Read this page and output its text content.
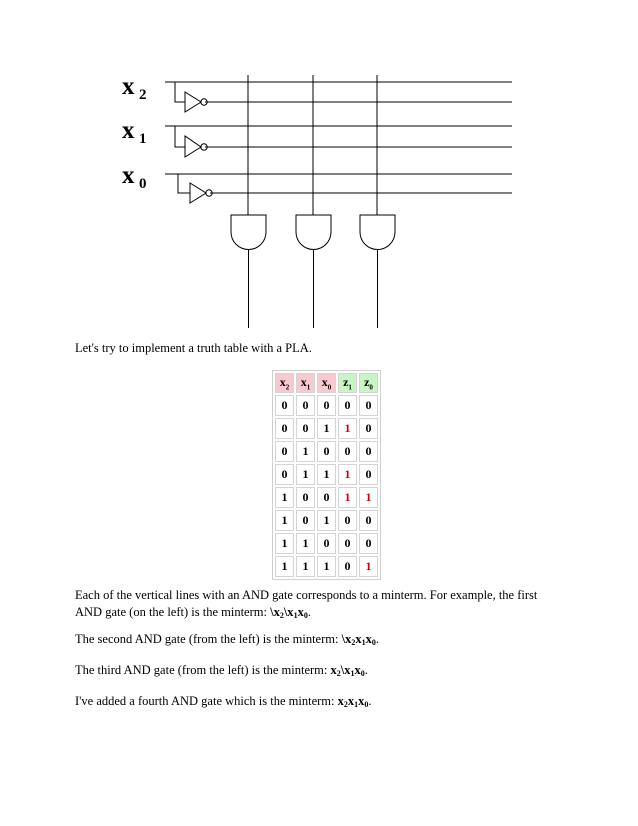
x 2
x 1
x 0

Let's try to implement a truth table with a PLA.

$x_2$	$x_1$	$x_0$	$z_1$	$z_0$
0	0	0	0	0
0	0	1	1	0
0	1	0	0	0
0	1	1	1	0
1	0	0	1	1
1	0	1	0	0
1	1	0	0	0
1	1	1	0	1

Each of the vertical lines with an AND gate corresponds to a minterm. For example, the first AND gate (on the left) is the minterm: $\backslash x_2\backslash x_1x_0$.

The second AND gate (from the left) is the minterm: $\backslash x_2x_1x_0$.

The third AND gate (from the left) is the minterm: $x_2\backslash x_1x_0$.

I've added a fourth AND gate which is the minterm: $x_2x_1x_0$.
